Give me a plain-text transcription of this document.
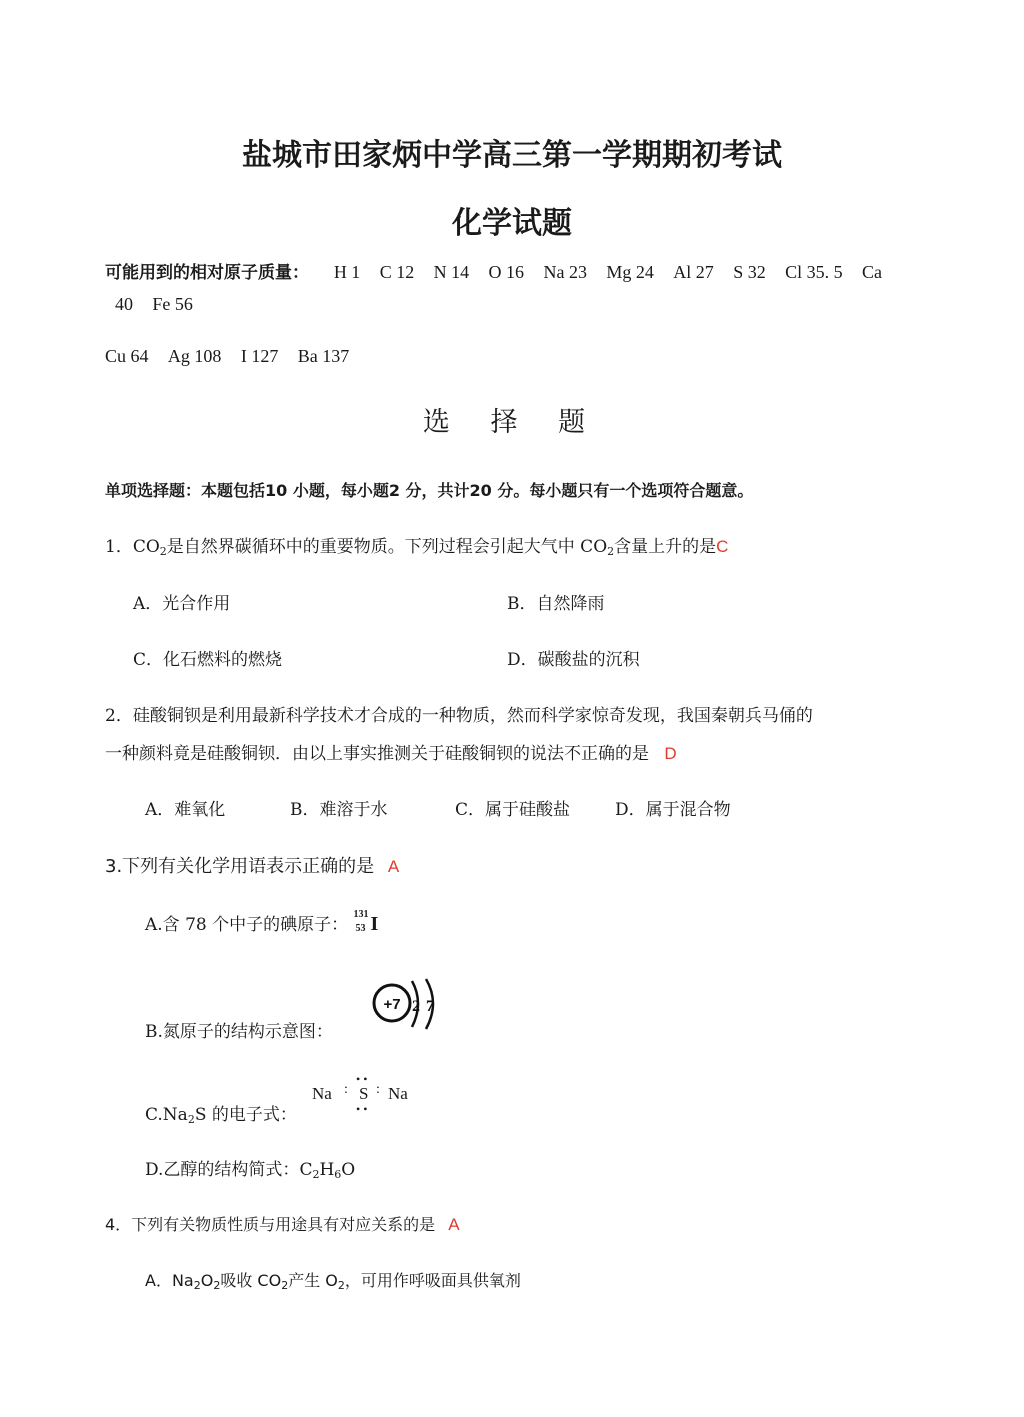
盐城市田家炳中学高三第一学期期初考试
化学试题
可能用到的相对原子质量： H 1 C 12 N 14 O 16 Na 23 Mg 24 Al 27 S 32 Cl 35. 5 Ca
40 Fe 56
Cu 64 Ag 108 I 127 Ba 137
选 择 题
单项选择题：本题包括10 小题，每小题2 分，共计20 分。每小题只有一个选项符合题意。
1．$CO_2$是自然界碳循环中的重要物质。下列过程会引起大气中 $CO_2$含量上升的是C
A．光合作用	B．自然降雨
C．化石燃料的燃烧	D．碳酸盐的沉积
2．硅酸铜钡是利用最新科学技术才合成的一种物质，然而科学家惊奇发现，我国秦朝兵马俑的
一种颜料竟是硅酸铜钡．由以上事实推测关于硅酸铜钡的说法不正确的是 D
A．难氧化	B．难溶于水	C．属于硅酸盐	D．属于混合物
3.下列有关化学用语表示正确的是 A
A.含 78 个中子的碘原子：
131
53 I
B.氮原子的结构示意图：
+7 2 7
$C.Na_2S$ 的电子式：
Na :
• •
S
• •
: Na
D.乙醇的结构简式：$C_2H_6O$
4．下列有关物质性质与用途具有对应关系的是 A
A．$Na_2O_2$吸收 $CO_2$产生 $O_2$，可用作呼吸面具供氧剂
